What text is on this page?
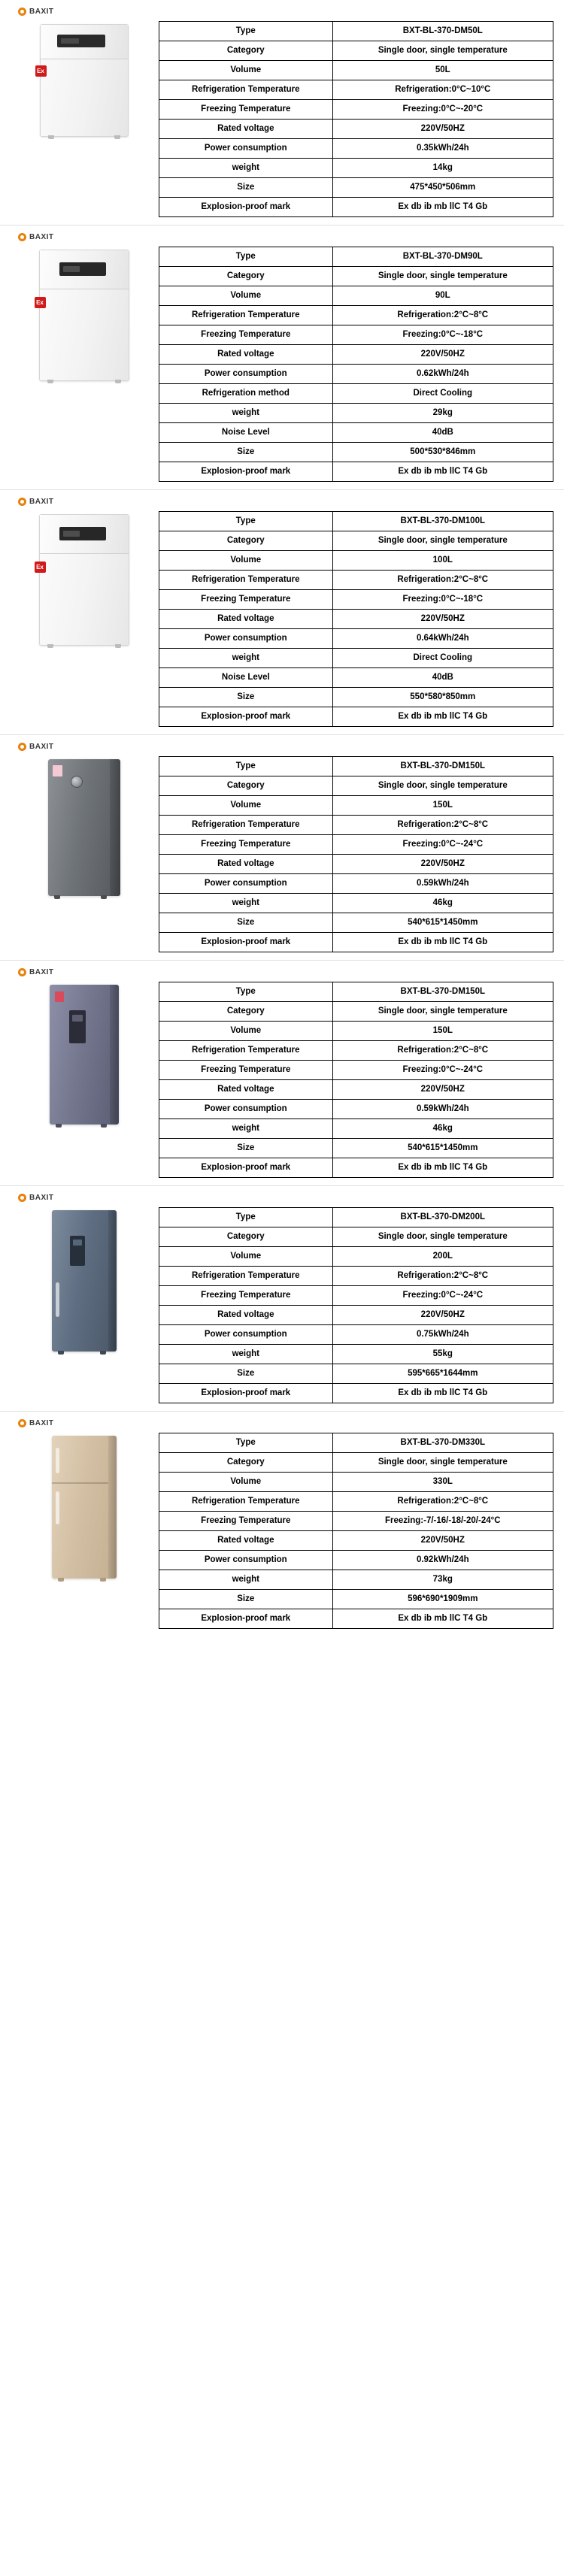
BAXIT
Ex
Type	BXT-BL-370-DM50L
Category	Single door, single temperature
Volume	50L
Refrigeration Temperature	Refrigeration:0°C~10°C
Freezing Temperature	Freezing:0°C~-20°C
Rated voltage	220V/50HZ
Power consumption	0.35kWh/24h
weight	14kg
Size	475*450*506mm
Explosion-proof mark	Ex db ib mb llC T4 Gb
BAXIT
Ex
Type	BXT-BL-370-DM90L
Category	Single door, single temperature
Volume	90L
Refrigeration Temperature	Refrigeration:2°C~8°C
Freezing Temperature	Freezing:0°C~-18°C
Rated voltage	220V/50HZ
Power consumption	0.62kWh/24h
Refrigeration method	Direct Cooling
weight	29kg
Noise Level	40dB
Size	500*530*846mm
Explosion-proof mark	Ex db ib mb llC T4 Gb
BAXIT
Ex
Type	BXT-BL-370-DM100L
Category	Single door, single temperature
Volume	100L
Refrigeration Temperature	Refrigeration:2°C~8°C
Freezing Temperature	Freezing:0°C~-18°C
Rated voltage	220V/50HZ
Power consumption	0.64kWh/24h
weight	Direct Cooling
Noise Level	40dB
Size	550*580*850mm
Explosion-proof mark	Ex db ib mb llC T4 Gb
BAXIT
Type	BXT-BL-370-DM150L
Category	Single door, single temperature
Volume	150L
Refrigeration Temperature	Refrigeration:2°C~8°C
Freezing Temperature	Freezing:0°C~-24°C
Rated voltage	220V/50HZ
Power consumption	0.59kWh/24h
weight	46kg
Size	540*615*1450mm
Explosion-proof mark	Ex db ib mb llC T4 Gb
BAXIT
Type	BXT-BL-370-DM150L
Category	Single door, single temperature
Volume	150L
Refrigeration Temperature	Refrigeration:2°C~8°C
Freezing Temperature	Freezing:0°C~-24°C
Rated voltage	220V/50HZ
Power consumption	0.59kWh/24h
weight	46kg
Size	540*615*1450mm
Explosion-proof mark	Ex db ib mb llC T4 Gb
BAXIT
Type	BXT-BL-370-DM200L
Category	Single door, single temperature
Volume	200L
Refrigeration Temperature	Refrigeration:2°C~8°C
Freezing Temperature	Freezing:0°C~-24°C
Rated voltage	220V/50HZ
Power consumption	0.75kWh/24h
weight	55kg
Size	595*665*1644mm
Explosion-proof mark	Ex db ib mb llC T4 Gb
BAXIT
Type	BXT-BL-370-DM330L
Category	Single door, single temperature
Volume	330L
Refrigeration Temperature	Refrigeration:2°C~8°C
Freezing Temperature	Freezing:-7/-16/-18/-20/-24°C
Rated voltage	220V/50HZ
Power consumption	0.92kWh/24h
weight	73kg
Size	596*690*1909mm
Explosion-proof mark	Ex db ib mb llC T4 Gb
